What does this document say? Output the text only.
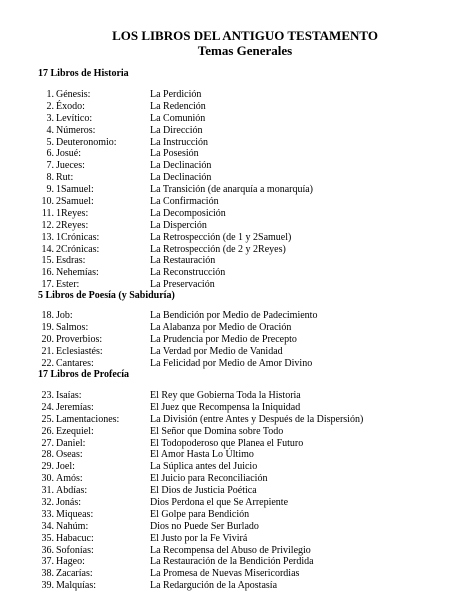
LOS LIBROS DEL ANTIGUO TESTAMENTO
Temas Generales
17 Libros de Historia
1. Génesis:	La Perdición
2. Éxodo:	La Redención
3. Levítico:	La Comunión
4. Números:	La Dirección
5. Deuteronomio:	La Instrucción
6. Josué:	La Posesión
7. Jueces:	La Declinación
8. Rut:	La Declinación
9. 1Samuel:	La Transición (de anarquía a monarquía)
10. 2Samuel:	La Confirmación
11. 1Reyes:	La Decomposición
12. 2Reyes:	La Disperción
13. 1Crónicas:	La Retrospección (de 1 y 2Samuel)
14. 2Crónicas:	La Retrospección (de 2 y 2Reyes)
15. Esdras:	La Restauración
16. Nehemías:	La Reconstrucción
17. Ester:	La Preservación
5 Libros de Poesía (y Sabiduría)
18. Job:	La Bendición por Medio de Padecimiento
19. Salmos:	La Alabanza por Medio de Oración
20. Proverbios:	La Prudencia por Medio de Precepto
21. Eclesiastés:	La Verdad por Medio de Vanidad
22. Cantares:	La Felicidad por Medio de Amor Divino
17 Libros de Profecía
23. Isaías:	El Rey que Gobierna Toda la Historia
24. Jeremías:	El Juez que Recompensa la Iniquidad
25. Lamentaciones:	La División (entre Antes y Después de la Dispersión)
26. Ezequiel:	El Señor que Domina sobre Todo
27. Daniel:	El Todopoderoso que Planea el Futuro
28. Oseas:	El Amor Hasta Lo Último
29. Joel:	La Súplica antes del Juicio
30. Amós:	El Juicio para Reconciliación
31. Abdías:	El Dios de Justicia Poética
32. Jonás:	Dios Perdona el que Se Arrepiente
33. Miqueas:	El Golpe para Bendición
34. Nahúm:	Dios no Puede Ser Burlado
35. Habacuc:	El Justo por la Fe Vivirá
36. Sofonías:	La Recompensa del Abuso de Privilegio
37. Hageo:	La Restauración de la Bendición Perdida
38. Zacarías:	La Promesa de Nuevas Misericordias
39. Malquías:	La Redargución de la Apostasía
